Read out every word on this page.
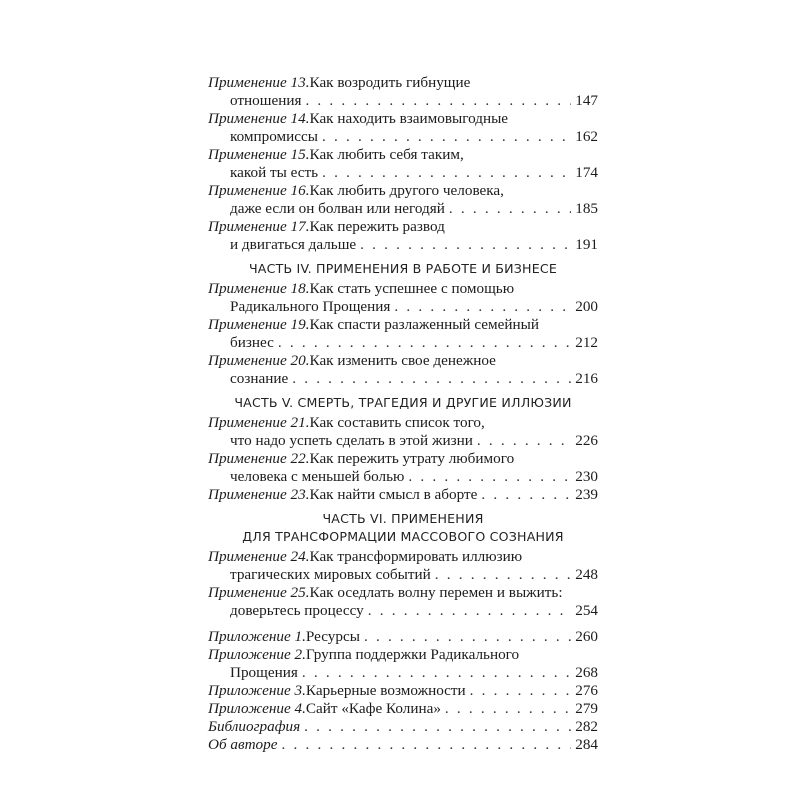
Применение 13. Как возродить гибнущие
отношения . . .	147
Применение 14. Как находить взаимовыгодные
компромиссы . . .	162
Применение 15. Как любить себя таким,
какой ты есть . . .	174
Применение 16. Как любить другого человека,
даже если он болван или негодяй . . .	185
Применение 17. Как пережить развод
и двигаться дальше . . .	191
ЧАСТЬ IV. ПРИМЕНЕНИЯ В РАБОТЕ И БИЗНЕСЕ
Применение 18. Как стать успешнее с помощью
Радикального Прощения . . .	200
Применение 19. Как спасти разлаженный семейный
бизнес . . .	212
Применение 20. Как изменить свое денежное
сознание . . .	216
ЧАСТЬ V. СМЕРТЬ, ТРАГЕДИЯ И ДРУГИЕ ИЛЛЮЗИИ
Применение 21. Как составить список того,
что надо успеть сделать в этой жизни . . .	226
Применение 22. Как пережить утрату любимого
человека с меньшей болью . . .	230
Применение 23. Как найти смысл в аборте . . .	239
ЧАСТЬ VI. ПРИМЕНЕНИЯ
ДЛЯ ТРАНСФОРМАЦИИ МАССОВОГО СОЗНАНИЯ
Применение 24. Как трансформировать иллюзию
трагических мировых событий . . .	248
Применение 25. Как оседлать волну перемен и выжить:
доверьтесь процессу . . .	254
Приложение 1. Ресурсы . . .	260
Приложение 2. Группа поддержки Радикального
Прощения . . .	268
Приложение 3. Карьерные возможности . . .	276
Приложение 4. Сайт «Кафе Колина» . . .	279
Библиография . . .	282
Об авторе . . .	284
